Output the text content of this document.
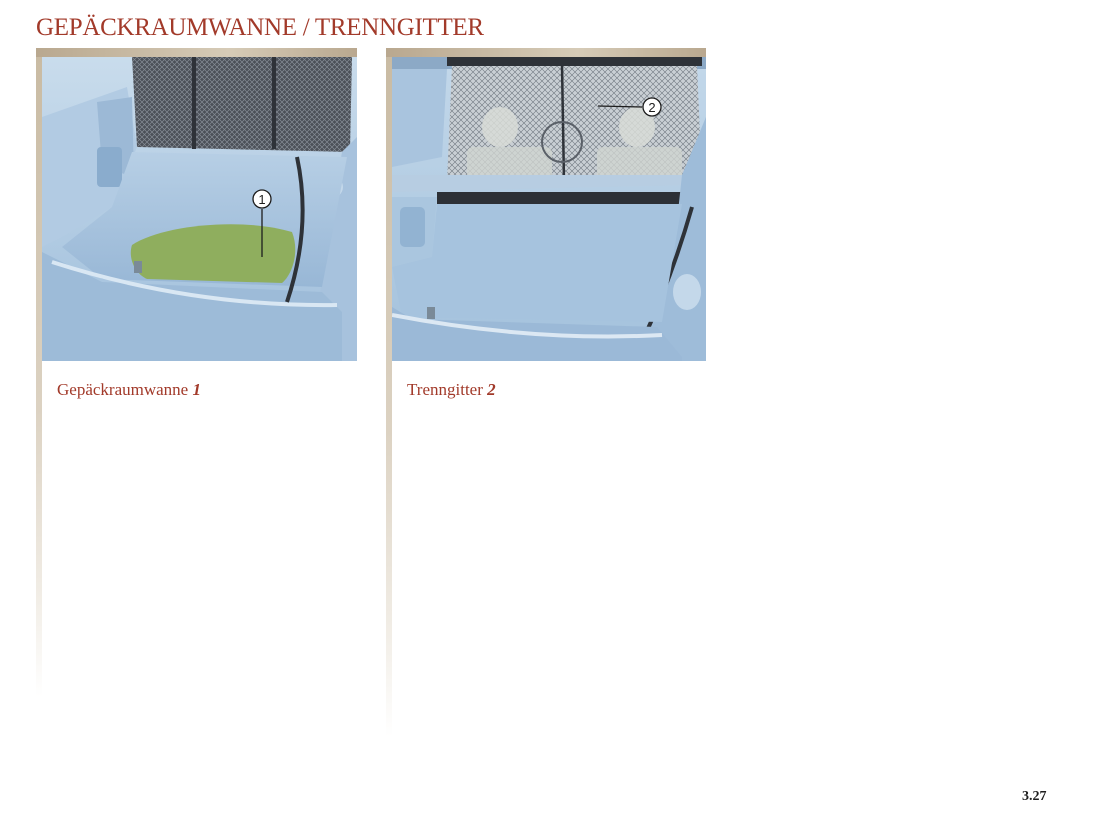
GEPÄCKRAUMWANNE / TRENNGITTER
1
2
Gepäckraumwanne 1	Trenngitter 2
3.27
